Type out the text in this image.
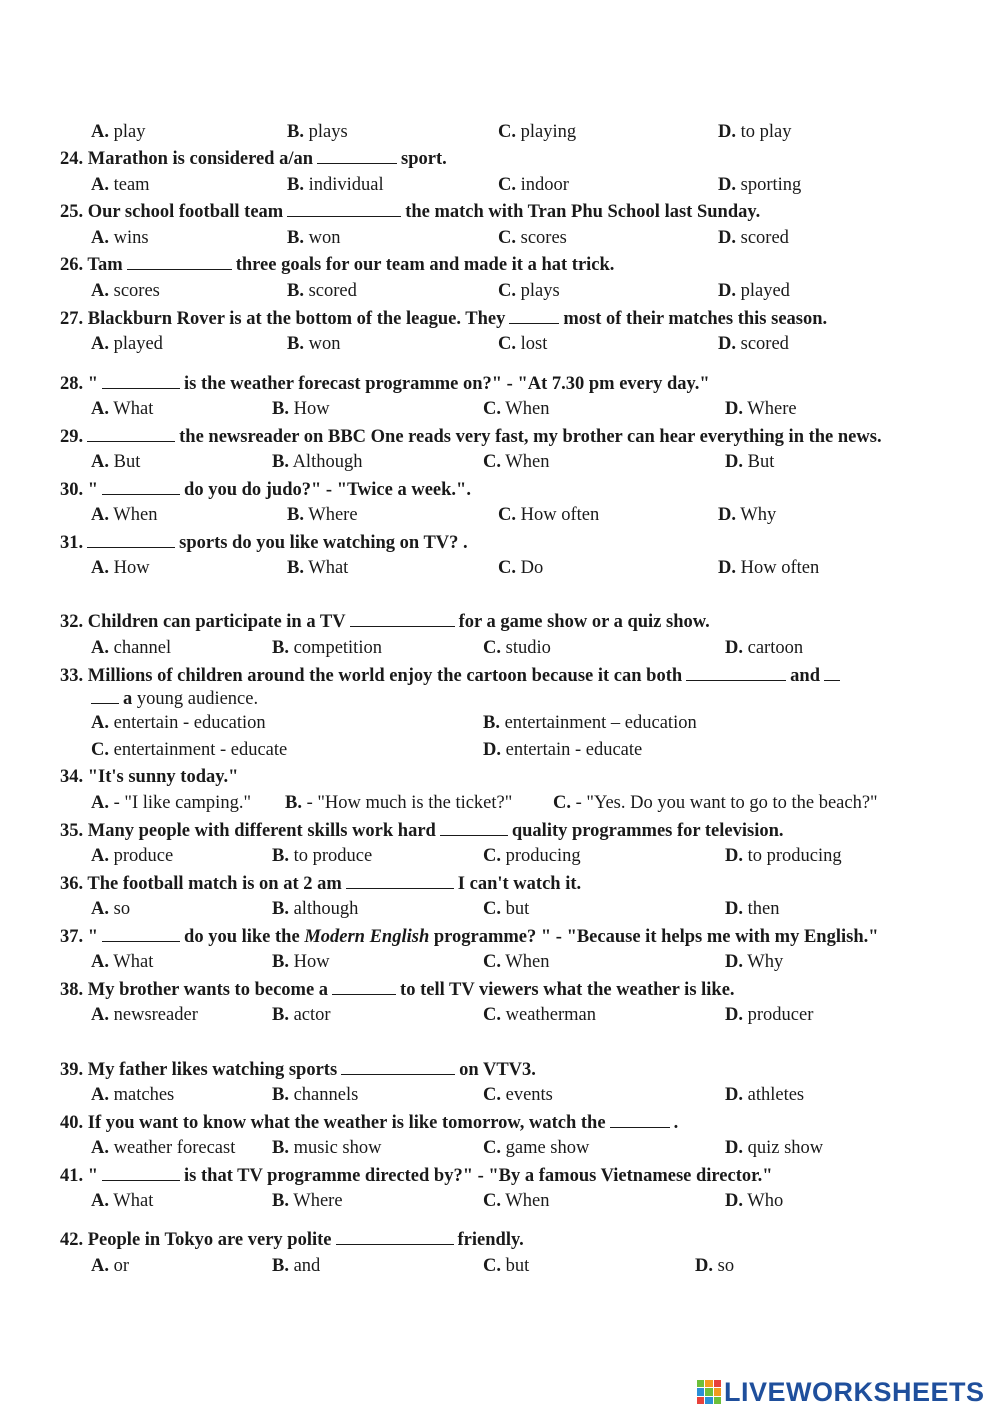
A. play	B. plays	C. playing	D. to play
24. Marathon is considered a/an	sport.
A. team	B. individual	C. indoor	D. sporting
25. Our school football team	the match with Tran Phu School last Sunday.
A. wins	B. won	C. scores	D. scored
26. Tam	three goals for our team and made it a hat trick.
A. scores	B. scored	C. plays	D. played
27. Blackburn Rover is at the bottom of the league. They	most of their matches this season.
A. played	B. won	C. lost	D. scored
28. "	is the weather forecast programme on?" - "At 7.30 pm every day."
A. What	B. How	C. When	D. Where
29.	the newsreader on BBC One reads very fast, my brother can hear everything in the news.
A. But	B. Although	C. When	D. But
30. "	do you do judo?" - "Twice a week.".
A. When	B. Where	C. How often	D. Why
31.	sports do you like watching on TV? .
A. How	B. What	C. Do	D. How often
32. Children can participate in a TV	for a game show or a quiz show.
A. channel	B. competition	C. studio	D. cartoon
33. Millions of children around the world enjoy the cartoon because it can both	and
a young audience.
A. entertain - education	B. entertainment – education
C. entertainment - educate	D. entertain - educate
34. "It's sunny today."
A. - "I like camping." B. - "How much is the ticket?" C. - "Yes. Do you want to go to the beach?"
35. Many people with different skills work hard	quality programmes for television.
A. produce	B. to produce	C. producing	D. to producing
36. The football match is on at 2 am	I can't watch it.
A. so	B. although	C. but	D. then
37. "	do you like the Modern English programme? " - "Because it helps me with my English."
A. What	B. How	C. When	D. Why
38. My brother wants to become a	to tell TV viewers what the weather is like.
A. newsreader	B. actor	C. weatherman	D. producer
39. My father likes watching sports	on VTV3.
A. matches	B. channels	C. events	D. athletes
40. If you want to know what the weather is like tomorrow, watch the	.
A. weather forecast B. music show	C. game show	D. quiz show
41. "	is that TV programme directed by?" - "By a famous Vietnamese director."
A. What	B. Where	C. When	D. Who
42. People in Tokyo are very polite	friendly.
A. or	B. and	C. but	D. so
LIVEWORKSHEETS
